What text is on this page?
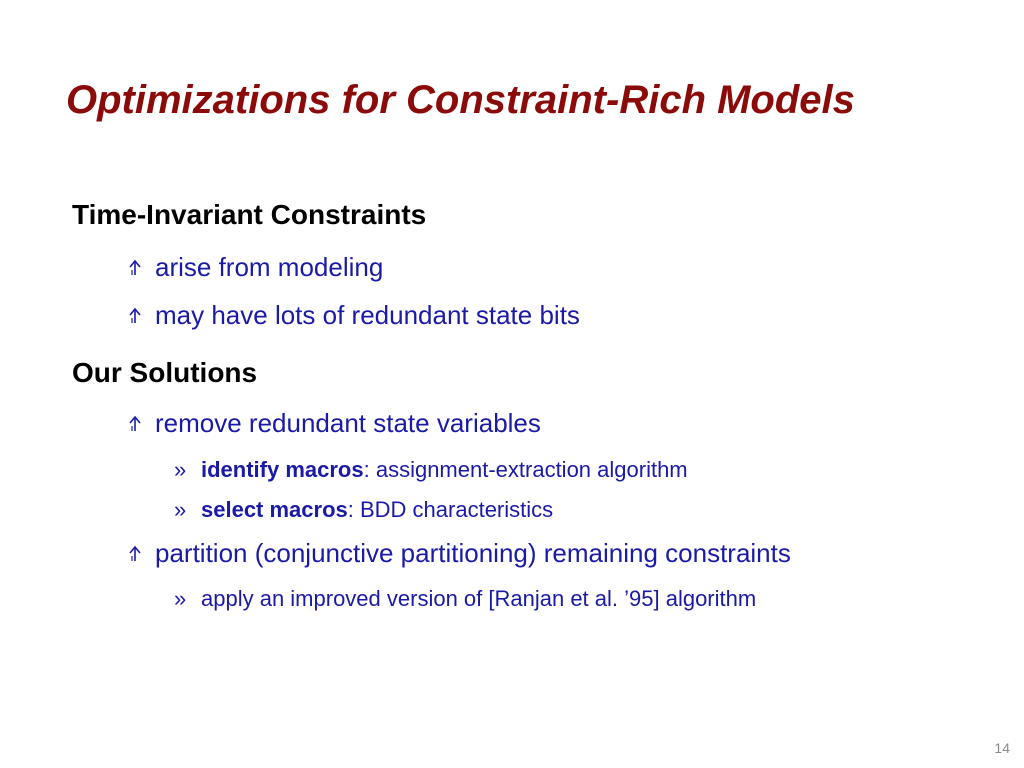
Optimizations for Constraint-Rich Models
Time-Invariant Constraints
arise from modeling
may have lots of redundant state bits
Our Solutions
remove redundant state variables
» identify macros: assignment-extraction algorithm
» select macros: BDD characteristics
partition (conjunctive partitioning) remaining constraints
» apply an improved version of [Ranjan et al. ’95] algorithm
14
